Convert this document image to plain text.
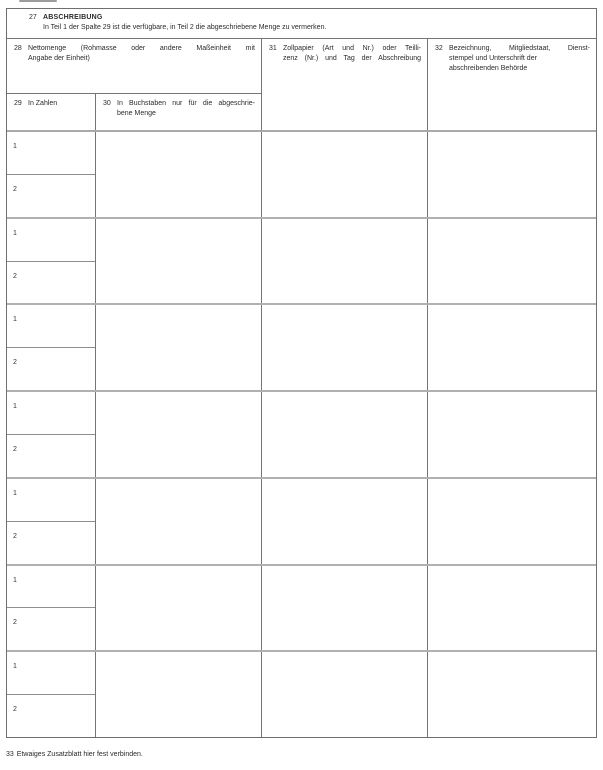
27 ABSCHREIBUNG
In Teil 1 der Spalte 29 ist die verfügbare, in Teil 2 die abgeschriebene Menge zu vermerken.
28 Nettomenge (Rohmasse oder andere Maßeinheit mit
Angabe der Einheit)
29 In Zahlen	30 In Buchstaben nur für die abgeschrie-
bene Menge
31 Zollpapier (Art und Nr.) oder Teilli-
zenz (Nr.) und Tag der Abschreibung
32 Bezeichnung, Mitgliedstaat, Dienst-
stempel und Unterschrift der
abschreibenden Behörde
1
2
1
2
1
2
1
2
1
2
1
2
1
2
33 Etwaiges Zusatzblatt hier fest verbinden.
